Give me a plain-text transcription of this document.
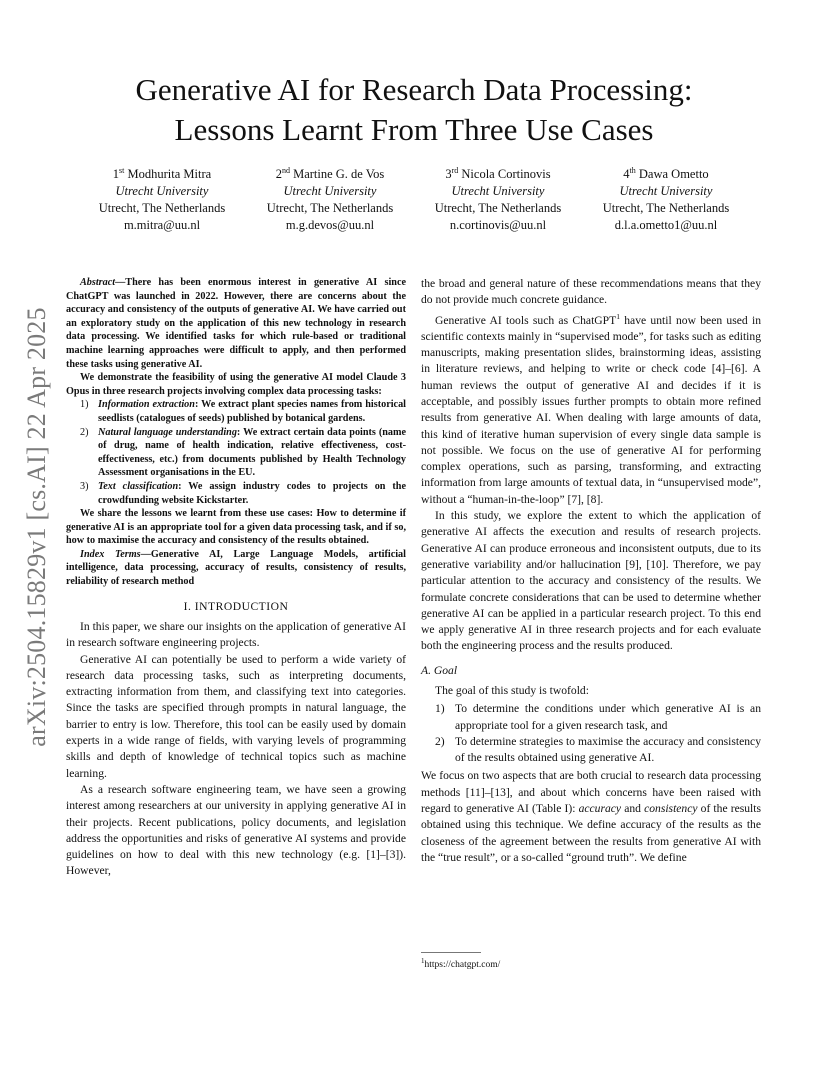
arXiv:2504.15829v1 [cs.AI] 22 Apr 2025
Generative AI for Research Data Processing:
Lessons Learnt From Three Use Cases
1st Modhurita Mitra
Utrecht University
Utrecht, The Netherlands
m.mitra@uu.nl
2nd Martine G. de Vos
Utrecht University
Utrecht, The Netherlands
m.g.devos@uu.nl
3rd Nicola Cortinovis
Utrecht University
Utrecht, The Netherlands
n.cortinovis@uu.nl
4th Dawa Ometto
Utrecht University
Utrecht, The Netherlands
d.l.a.ometto1@uu.nl

Abstract—There has been enormous interest in generative AI since ChatGPT was launched in 2022. However, there are concerns about the accuracy and consistency of the outputs of generative AI. We have carried out an exploratory study on the application of this new technology in research data processing. We identified tasks for which rule-based or traditional machine learning approaches were difficult to apply, and then performed these tasks using generative AI.

We demonstrate the feasibility of using the generative AI model Claude 3 Opus in three research projects involving complex data processing tasks:

1) Information extraction: We extract plant species names from historical seedlists (catalogues of seeds) published by botanical gardens.
2) Natural language understanding: We extract certain data points (name of drug, name of health indication, relative effectiveness, cost-effectiveness, etc.) from documents published by Health Technology Assessment organisations in the EU.
3) Text classification: We assign industry codes to projects on the crowdfunding website Kickstarter.

We share the lessons we learnt from these use cases: How to determine if generative AI is an appropriate tool for a given data processing task, and if so, how to maximise the accuracy and consistency of the results obtained.

Index Terms—Generative AI, Large Language Models, artificial intelligence, data processing, accuracy of results, consistency of results, reliability of research method

I. INTRODUCTION

In this paper, we share our insights on the application of generative AI in research software engineering projects.

Generative AI can potentially be used to perform a wide variety of research data processing tasks, such as interpreting documents, extracting information from them, and classifying text into categories. Since the tasks are specified through prompts in natural language, the barrier to entry is low. Therefore, this tool can be easily used by domain experts in a wide range of fields, with varying levels of programming skills and depth of knowledge of technical topics such as machine learning.

As a research software engineering team, we have seen a growing interest among researchers at our university in applying generative AI in their projects. Recent publications, policy documents, and legislation address the opportunities and risks of generative AI systems and provide guidelines on how to deal with this new technology (e.g. [1]–[3]). However,

the broad and general nature of these recommendations means that they do not provide much concrete guidance.

Generative AI tools such as ChatGPT$^1$ have until now been used in scientific contexts mainly in “supervised mode”, for tasks such as editing manuscripts, making presentation slides, brainstorming ideas, assisting in literature reviews, and helping to write or check code [4]–[6]. A human reviews the output of generative AI and decides if it is acceptable, and possibly issues further prompts to obtain more refined results from generative AI. When dealing with large amounts of data, this kind of iterative human supervision of every single data sample is not possible. We focus on the use of generative AI for performing complex operations, such as parsing, transforming, and extracting information from large amounts of textual data, in “unsupervised mode”, without a “human-in-the-loop” [7], [8].

In this study, we explore the extent to which the application of generative AI affects the execution and results of research projects. Generative AI can produce erroneous and inconsistent outputs, due to its generative variability and/or hallucination [9], [10]. Therefore, we pay particular attention to the accuracy and consistency of the results. We formulate concrete considerations that can be used to determine whether generative AI can be applied in a particular research project. To this end we apply generative AI in three research projects and for each evaluate both the engineering process and the results produced.

A. Goal

The goal of this study is twofold:

1) To determine the conditions under which generative AI is an appropriate tool for a given research task, and
2) To determine strategies to maximise the accuracy and consistency of the results obtained using generative AI.

We focus on two aspects that are both crucial to research data processing methods [11]–[13], and about which concerns have been raised with regard to generative AI (Table I): accuracy and consistency of the results obtained using this technique. We define accuracy of the results as the closeness of the agreement between the results from generative AI with the “true result”, or a so-called “ground truth”. We define

$^1$https://chatgpt.com/
